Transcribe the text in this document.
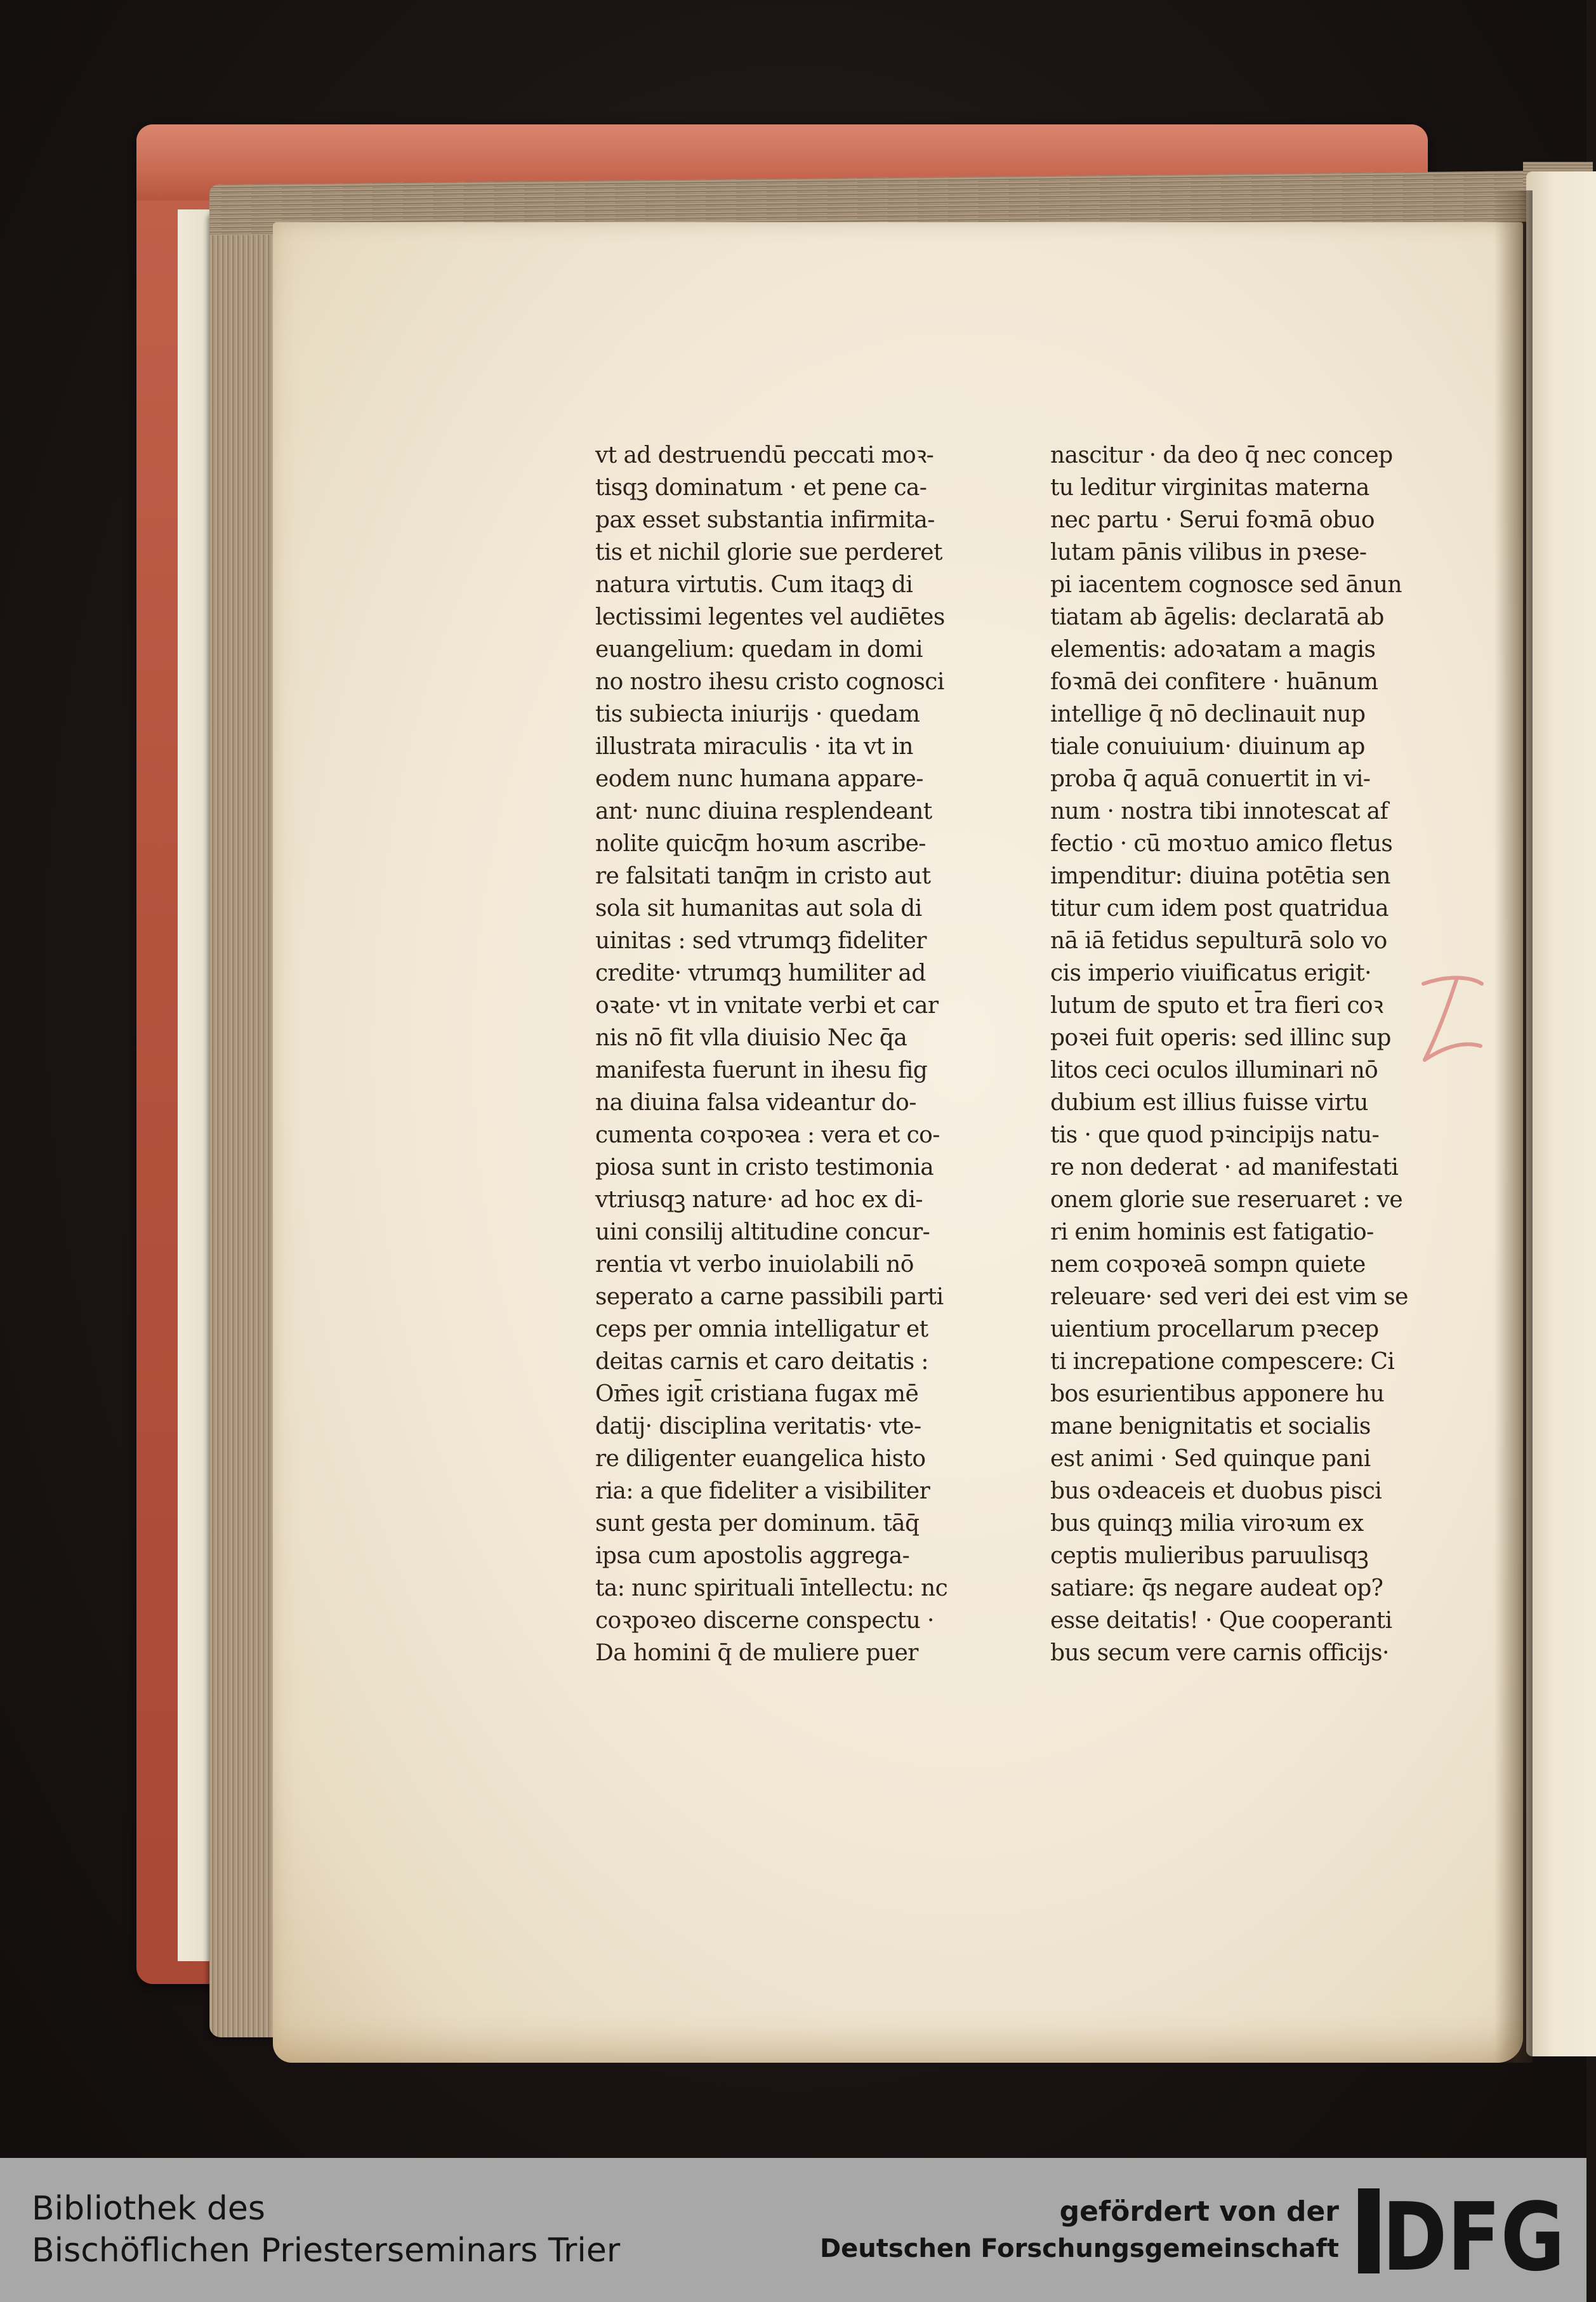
vt ad destruendū peccati moꝛ-
tisqꝫ dominatum · et pene ca-
pax esset substantia infirmita-
tis et nichil glorie sue perderet
natura virtutis. Cum itaqꝫ di
lectissimi legentes vel audiētes
euangelium: quedam in domi
no nostro ihesu cristo cognosci
tis subiecta iniurijs · quedam
illustrata miraculis · ita vt in
eodem nunc humana appare-
ant· nunc diuina resplendeant
nolite quicq̄m hoꝛum ascribe-
re falsitati tanq̄m in cristo aut
sola sit humanitas aut sola di
uinitas : sed vtrumqꝫ fideliter
credite· vtrumqꝫ humiliter ad
oꝛate· vt in vnitate verbi et car
nis nō fit vlla diuisio Nec q̄a
manifesta fuerunt in ihesu fig
na diuina falsa videantur do-
cumenta coꝛpoꝛea : vera et co-
piosa sunt in cristo testimonia
vtriusqꝫ nature· ad hoc ex di-
uini consilij altitudine concur-
rentia vt verbo inuiolabili nō
seperato a carne passibili parti
ceps per omnia intelligatur et
deitas carnis et caro deitatis :
Om̄es igit̄ cristiana fugax mē
datij· disciplina veritatis· vte-
re diligenter euangelica histo
ria: a que fideliter a visibiliter
sunt gesta per dominum. tāq̄
ipsa cum apostolis aggrega-
ta: nunc spirituali īntellectu: nc
coꝛpoꝛeo discerne conspectu ·
Da homini q̄ de muliere puer
nascitur · da deo q̄ nec concep
tu leditur virginitas materna
nec partu · Serui foꝛmā obuo
lutam pānis vilibus in pꝛese-
pi iacentem cognosce sed ānun
tiatam ab āgelis: declaratā ab
elementis: adoꝛatam a magis
foꝛmā dei confitere · huānum
intellige q̄ nō declinauit nup
tiale conuiuium· diuinum ap
proba q̄ aquā conuertit in vi-
num · nostra tibi innotescat af
fectio · cū moꝛtuo amico fletus
impenditur: diuina potētia sen
titur cum idem post quatridua
nā iā fetidus sepulturā solo vo
cis imperio viuificatus erigit·
lutum de sputo et t̄ra fieri coꝛ
poꝛei fuit operis: sed illinc sup
litos ceci oculos illuminari nō
dubium est illius fuisse virtu
tis · que quod pꝛincipijs natu-
re non dederat · ad manifestati
onem glorie sue reseruaret : ve
ri enim hominis est fatigatio-
nem coꝛpoꝛeā sompn quiete
releuare· sed veri dei est vim se
uientium procellarum pꝛecep
ti increpatione compescere: Ci
bos esurientibus apponere hu
mane benignitatis et socialis
est animi · Sed quinque pani
bus oꝛdeaceis et duobus pisci
bus quinqꝫ milia viroꝛum ex
ceptis mulieribus paruulisqꝫ
satiare: q̄s negare audeat op?
esse deitatis! · Que cooperanti
bus secum vere carnis officijs·
Bibliothek des
Bischöflichen Priesterseminars Trier
gefördert von der
Deutschen Forschungsgemeinschaft DFG
